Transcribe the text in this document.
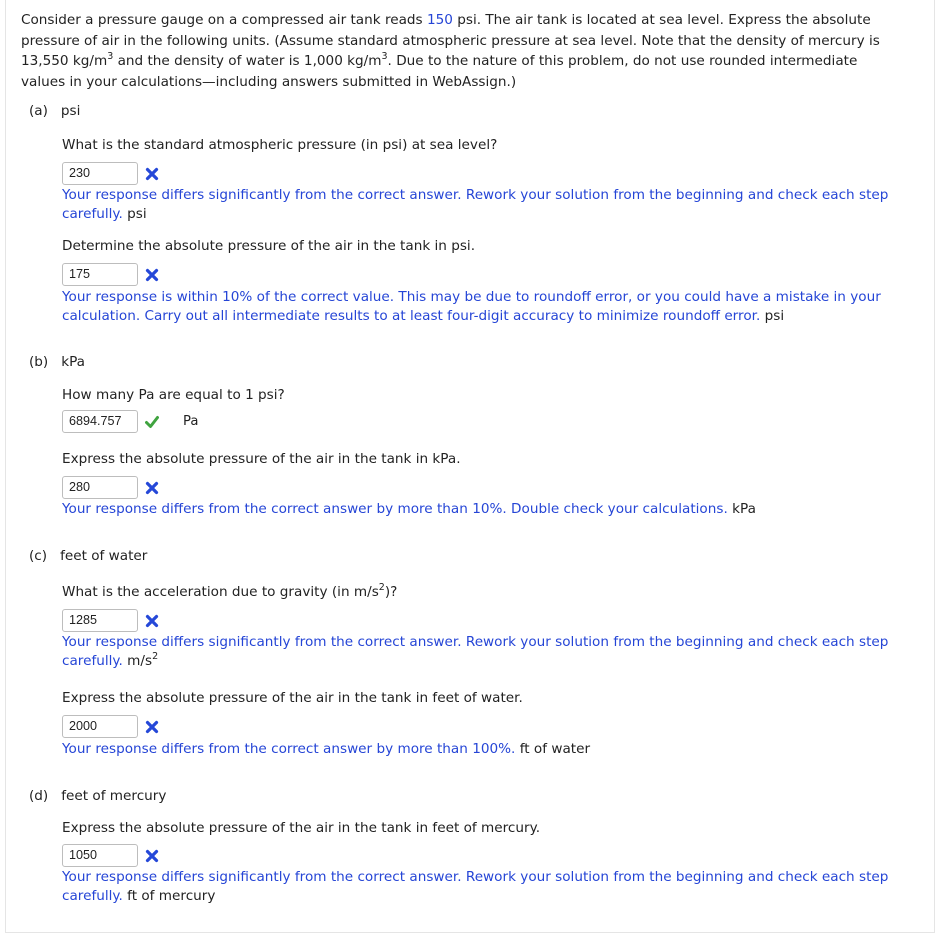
Consider a pressure gauge on a compressed air tank reads 150 psi. The air tank is located at sea level. Express the absolute pressure of air in the following units. (Assume standard atmospheric pressure at sea level. Note that the density of mercury is 13,550 $kg/m^3$ and the density of water is 1,000 $kg/m^3$. Due to the nature of this problem, do not use rounded intermediate values in your calculations—including answers submitted in WebAssign.)
(a) psi
What is the standard atmospheric pressure (in psi) at sea level?
230
Your response differs significantly from the correct answer. Rework your solution from the beginning and check each step carefully. psi
Determine the absolute pressure of the air in the tank in psi.
175
Your response is within 10% of the correct value. This may be due to roundoff error, or you could have a mistake in your calculation. Carry out all intermediate results to at least four-digit accuracy to minimize roundoff error. psi
(b) kPa
How many Pa are equal to 1 psi?
6894.757	Pa
Express the absolute pressure of the air in the tank in kPa.
280
Your response differs from the correct answer by more than 10%. Double check your calculations. kPa
(c) feet of water
What is the acceleration due to gravity (in $m/s^2$)?
1285
Your response differs significantly from the correct answer. Rework your solution from the beginning and check each step carefully. $m/s^2$
Express the absolute pressure of the air in the tank in feet of water.
2000
Your response differs from the correct answer by more than 100%. ft of water
(d) feet of mercury
Express the absolute pressure of the air in the tank in feet of mercury.
1050
Your response differs significantly from the correct answer. Rework your solution from the beginning and check each step carefully. ft of mercury
